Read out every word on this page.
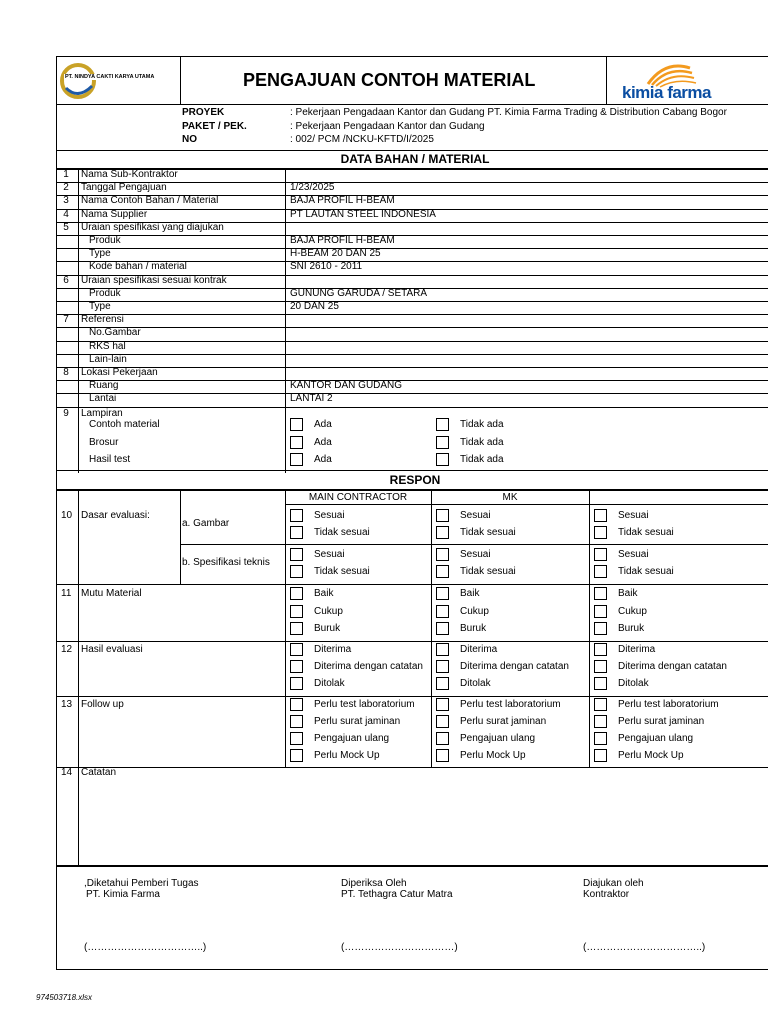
PT. NINDYA CAKTI KARYA UTAMA	PENGAJUAN CONTOH MATERIAL
kimia farma
PROYEK	: Pekerjaan Pengadaan Kantor dan Gudang PT. Kimia Farma Trading & Distribution Cabang Bogor
PAKET / PEK.	: Pekerjaan Pengadaan Kantor dan Gudang
NO	: 002/ PCM /NCKU-KFTD/I/2025
DATA BAHAN / MATERIAL
1	Nama Sub-Kontraktor
2	Tanggal Pengajuan	1/23/2025
3	Nama Contoh Bahan / Material	BAJA PROFIL H-BEAM
4	Nama Supplier	PT LAUTAN STEEL INDONESIA
5	Uraian spesifikasi yang diajukan
Produk	BAJA PROFIL H-BEAM
Type	H-BEAM 20 DAN 25
Kode bahan / material	SNI 2610 - 2011
6	Uraian spesifikasi sesuai kontrak
Produk	GUNUNG GARUDA / SETARA
Type	20 DAN 25
7	Referensi
No.Gambar
RKS hal
Lain-lain
8	Lokasi Pekerjaan
Ruang	KANTOR DAN GUDANG
Lantai	LANTAI 2
9	Lampiran
Contoh material	Ada	Tidak ada
Brosur	Ada	Tidak ada
Hasil test	Ada	Tidak ada
RESPON
MAIN CONTRACTOR	MK
10 Dasar evaluasi:
a. Gambar
Sesuai	Sesuai	Sesuai
Tidak sesuai	Tidak sesuai	Tidak sesuai
b. Spesifikasi teknis
Sesuai	Sesuai	Sesuai
Tidak sesuai	Tidak sesuai	Tidak sesuai
11 Mutu Material	Baik	Baik	Baik
Cukup	Cukup	Cukup
Buruk	Buruk	Buruk
12 Hasil evaluasi	Diterima	Diterima	Diterima
Diterima dengan catatan	Diterima dengan catatan	Diterima dengan catatan
Ditolak	Ditolak	Ditolak
13 Follow up	Perlu test laboratorium	Perlu test laboratorium	Perlu test laboratorium
Perlu surat jaminan	Perlu surat jaminan	Perlu surat jaminan
Pengajuan ulang	Pengajuan ulang	Pengajuan ulang
Perlu Mock Up	Perlu Mock Up	Perlu Mock Up
14 Catatan
,Diketahui Pemberi Tugas
PT. Kimia Farma
(……………………………..)
Diperiksa Oleh
PT. Tethagra Catur Matra
(……………………………)
Diajukan oleh
Kontraktor
(……………………………..)
974503718.xlsx
